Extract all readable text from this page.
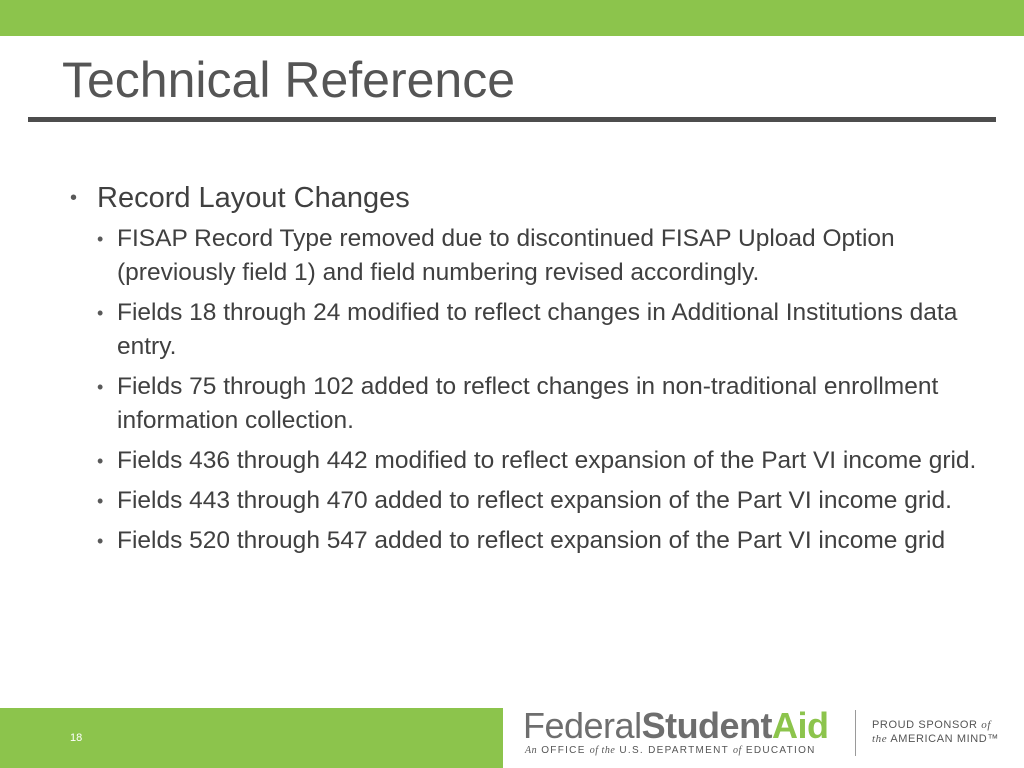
Technical Reference
• Record Layout Changes
• FISAP Record Type removed due to discontinued FISAP Upload Option (previously field 1) and field numbering revised accordingly.
• Fields 18 through 24 modified to reflect changes in Additional Institutions data entry.
• Fields 75 through 102 added to reflect changes in non-traditional enrollment information collection.
• Fields 436 through 442 modified to reflect expansion of the Part VI income grid.
• Fields 443 through 470 added to reflect expansion of the Part VI income grid.
• Fields 520 through 547 added to reflect expansion of the Part VI income grid
18	FederalStudentAid
An OFFICE of the U.S. DEPARTMENT of EDUCATION
PROUD SPONSOR of
the AMERICAN MIND™
